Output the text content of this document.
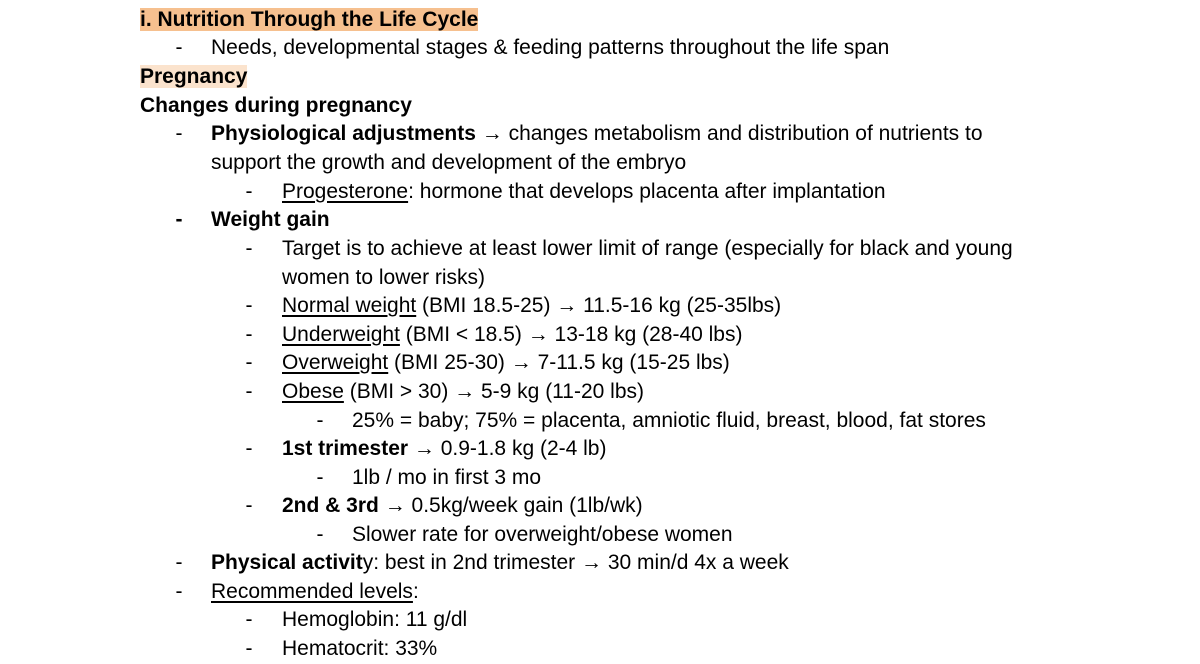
i. Nutrition Through the Life Cycle
- Needs, developmental stages & feeding patterns throughout the life span
Pregnancy
Changes during pregnancy
- Physiological adjustments → changes metabolism and distribution of nutrients to
support the growth and development of the embryo
- Progesterone: hormone that develops placenta after implantation
- Weight gain
- Target is to achieve at least lower limit of range (especially for black and young
women to lower risks)
- Normal weight (BMI 18.5-25) → 11.5-16 kg (25-35lbs)
- Underweight (BMI < 18.5) → 13-18 kg (28-40 lbs)
- Overweight (BMI 25-30) → 7-11.5 kg (15-25 lbs)
- Obese (BMI > 30) → 5-9 kg (11-20 lbs)
- 25% = baby; 75% = placenta, amniotic fluid, breast, blood, fat stores
- 1st trimester → 0.9-1.8 kg (2-4 lb)
- 1lb / mo in first 3 mo
- 2nd & 3rd → 0.5kg/week gain (1lb/wk)
- Slower rate for overweight/obese women
- Physical activity: best in 2nd trimester → 30 min/d 4x a week
- Recommended levels:
- Hemoglobin: 11 g/dl
- Hematocrit: 33%
